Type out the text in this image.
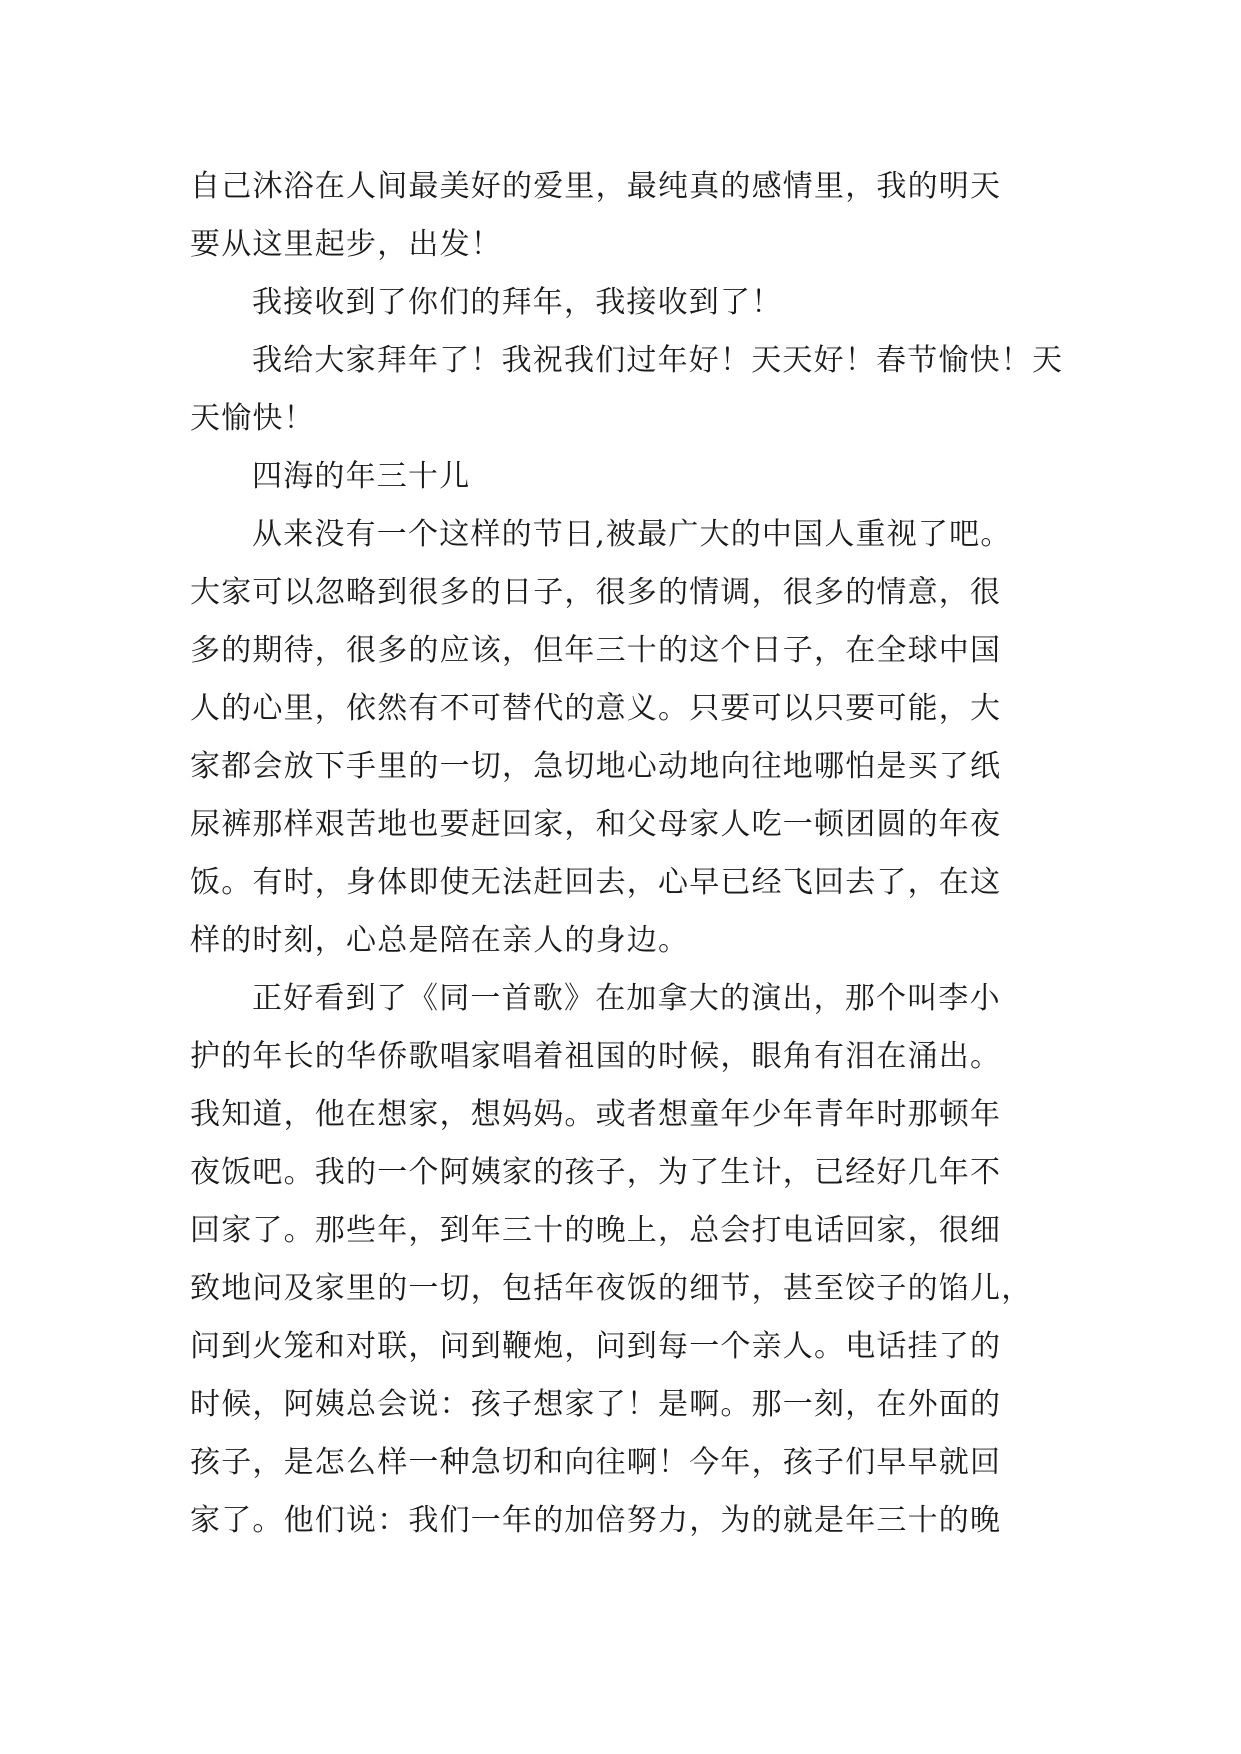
自己沐浴在人间最美好的爱里，最纯真的感情里，我的明天
要从这里起步，出发！
我接收到了你们的拜年，我接收到了！
我给大家拜年了！我祝我们过年好！天天好！春节愉快！天
天愉快！
四海的年三十儿
从来没有一个这样的节日,被最广大的中国人重视了吧。
大家可以忽略到很多的日子，很多的情调，很多的情意，很
多的期待，很多的应该，但年三十的这个日子，在全球中国
人的心里，依然有不可替代的意义。只要可以只要可能，大
家都会放下手里的一切，急切地心动地向往地哪怕是买了纸
尿裤那样艰苦地也要赶回家，和父母家人吃一顿团圆的年夜
饭。有时，身体即使无法赶回去，心早已经飞回去了，在这
样的时刻，心总是陪在亲人的身边。
正好看到了《同一首歌》在加拿大的演出，那个叫李小
护的年长的华侨歌唱家唱着祖国的时候，眼角有泪在涌出。
我知道，他在想家，想妈妈。或者想童年少年青年时那顿年
夜饭吧。我的一个阿姨家的孩子，为了生计，已经好几年不
回家了。那些年，到年三十的晚上，总会打电话回家，很细
致地问及家里的一切，包括年夜饭的细节，甚至饺子的馅儿，
问到火笼和对联，问到鞭炮，问到每一个亲人。电话挂了的
时候，阿姨总会说：孩子想家了！是啊。那一刻，在外面的
孩子，是怎么样一种急切和向往啊！今年，孩子们早早就回
家了。他们说：我们一年的加倍努力，为的就是年三十的晚
